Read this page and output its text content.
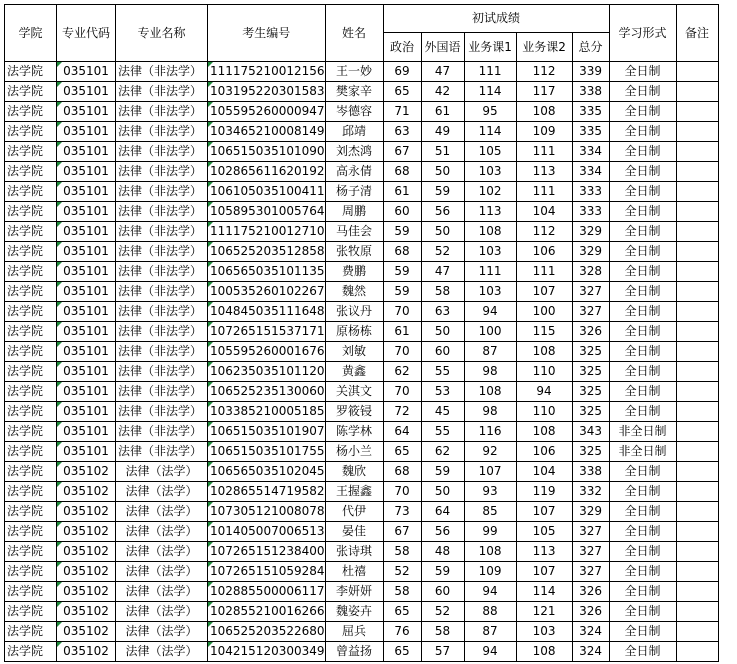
学院	专业代码	专业名称	考生编号	姓名	初试成绩					学习形式	备注
					政治	外国语	业务课1	业务课2	总分		
法学院	035101	法律（非法学）	111175210012156	王一妙	69	47	111	112	339	全日制	
法学院	035101	法律（非法学）	103195220301583	樊家辛	65	42	114	117	338	全日制	
法学院	035101	法律（非法学）	105595260000947	岑德容	71	61	95	108	335	全日制	
法学院	035101	法律（非法学）	103465210008149	邱靖	63	49	114	109	335	全日制	
法学院	035101	法律（非法学）	106515035101090	刘杰鸿	67	51	105	111	334	全日制	
法学院	035101	法律（非法学）	102865611620192	高永倩	68	50	103	113	334	全日制	
法学院	035101	法律（非法学）	106105035100411	杨子清	61	59	102	111	333	全日制	
法学院	035101	法律（非法学）	105895301005764	周鹏	60	56	113	104	333	全日制	
法学院	035101	法律（非法学）	111175210012710	马佳会	59	50	108	112	329	全日制	
法学院	035101	法律（非法学）	106525203512858	张牧原	68	52	103	106	329	全日制	
法学院	035101	法律（非法学）	106565035101135	费鹏	59	47	111	111	328	全日制	
法学院	035101	法律（非法学）	100535260102267	魏然	59	58	103	107	327	全日制	
法学院	035101	法律（非法学）	104845035111648	张议丹	70	63	94	100	327	全日制	
法学院	035101	法律（非法学）	107265151537171	原杨栋	61	50	100	115	326	全日制	
法学院	035101	法律（非法学）	105595260001676	刘敏	70	60	87	108	325	全日制	
法学院	035101	法律（非法学）	106235035101120	黄鑫	62	55	98	110	325	全日制	
法学院	035101	法律（非法学）	106525235130060	关淇文	70	53	108	94	325	全日制	
法学院	035101	法律（非法学）	103385210005185	罗筱锓	72	45	98	110	325	全日制	
法学院	035101	法律（非法学）	106515035101907	陈学林	64	55	116	108	343	非全日制	
法学院	035101	法律（非法学）	106515035101755	杨小兰	65	62	92	106	325	非全日制	
法学院	035102	法律（法学）	106565035102045	魏欣	68	59	107	104	338	全日制	
法学院	035102	法律（法学）	102865514719582	王握鑫	70	50	93	119	332	全日制	
法学院	035102	法律（法学）	107305121008078	代伊	73	64	85	107	329	全日制	
法学院	035102	法律（法学）	101405007006513	晏佳	67	56	99	105	327	全日制	
法学院	035102	法律（法学）	107265151238400	张诗琪	58	48	108	113	327	全日制	
法学院	035102	法律（法学）	107265151059284	杜禧	52	59	109	107	327	全日制	
法学院	035102	法律（法学）	102885500006117	李妍妍	58	60	94	114	326	全日制	
法学院	035102	法律（法学）	102855210016266	魏姿卉	65	52	88	121	326	全日制	
法学院	035102	法律（法学）	106525203522680	屈兵	76	58	87	103	324	全日制	
法学院	035102	法律（法学）	104215120300349	曾益扬	65	57	94	108	324	全日制	
